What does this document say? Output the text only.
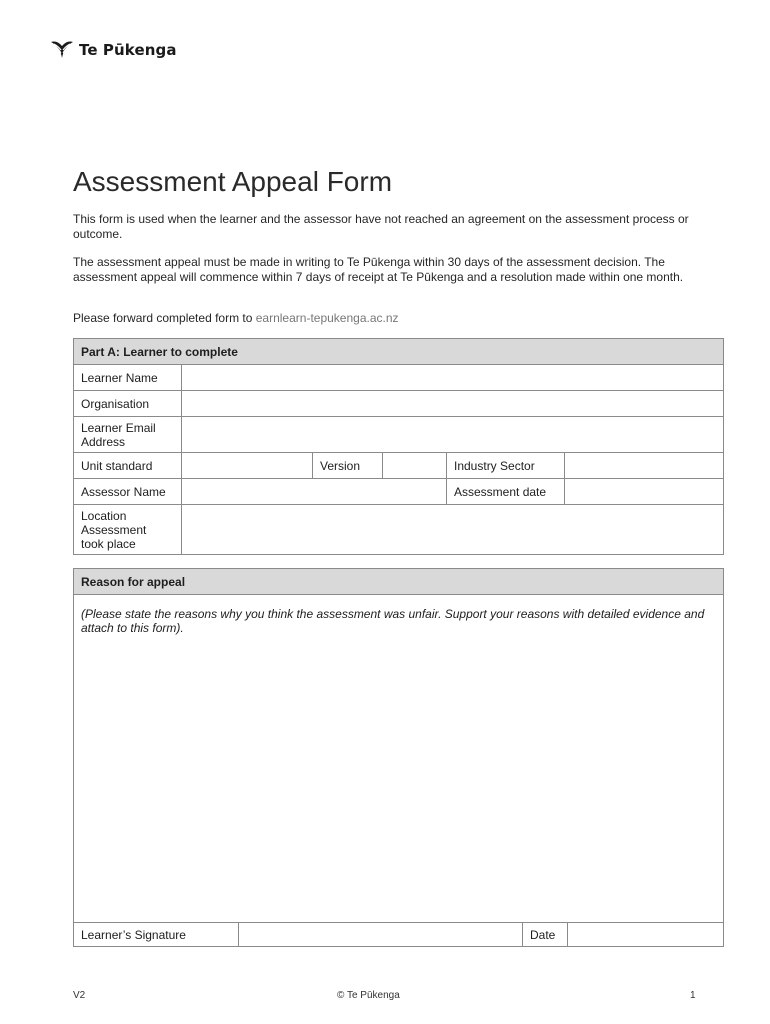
Te Pūkenga
Assessment Appeal Form

This form is used when the learner and the assessor have not reached an agreement on the assessment process or outcome.

The assessment appeal must be made in writing to Te Pūkenga within 30 days of the assessment decision. The assessment appeal will commence within 7 days of receipt at Te Pūkenga and a resolution made within one month.

Please forward completed form to earnlearn-tepukenga.ac.nz

Part A: Learner to complete					
Learner Name					
Organisation					
Learner Email
Address					
Unit standard		Version		Industry Sector	
Assessor Name				Assessment date	
Location
Assessment
took place					
Reason for appeal
(Please state the reasons why you think the assessment was unfair. Support your reasons with detailed evidence and attach to this form).
Learner’s Signature		Date	
V2	© Te Pūkenga	1
